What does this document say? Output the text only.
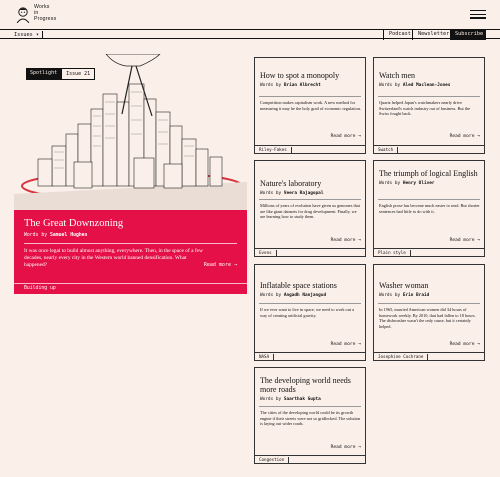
Works
in
Progress
Issues ▾	Podcast	Newsletter	Subscribe
Spotlight	Issue 21
The Great Downzoning
Words by Samuel Hughes
It was once legal to build almost anything, everywhere. Then, in the space of a few decades, nearly every city in the Western world banned densification. What happened?	Read more →
Building up
How to spot a monopoly
Words by Brian Albrecht
Competition makes capitalism work. A new method for measuring it may be the holy grail of economic regulation.
Read more →
Riley-Fakes
Watch men
Words by Aled Maclean-Jones
Quartz helped Japan's watchmakers nearly drive Switzerland's watch industry out of business. But the Swiss fought back.
Read more →
Swatch
Nature's laboratory
Words by Veera Rajagopal
Millions of years of evolution have given us genomes that are like giant datasets for drug development. Finally, we are learning how to study them.
Read more →
Evens
The triumph of logical English
Words by Henry Oliver
English prose has become much easier to read. But shorter sentences had little to do with it.
Read more →
Plain style
Inflatable space stations
Words by Angadh Nanjangud
If we ever want to live in space, we need to work out a way of creating artificial gravity.
Read more →
NASA
Washer woman
Words by Erin Braid
In 1965, married American women did 34 hours of homework weekly. By 2010, that had fallen to 18 hours. The dishwasher wasn't the only cause, but it certainly helped.
Read more →
Josephine Cochrane
The developing world needs more roads
Words by Saarthak Gupta
The cities of the developing world could be its growth engine if their streets were not so gridlocked. The solution is laying out wider roads.
Read more →
Congestion
